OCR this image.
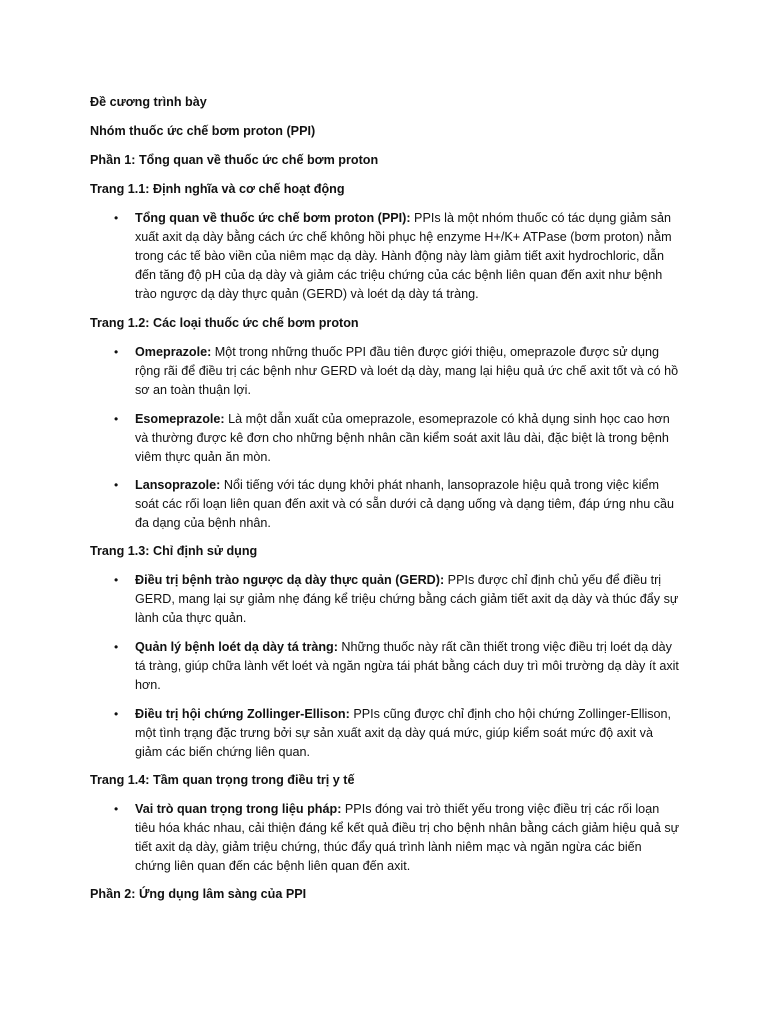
Đề cương trình bày
Nhóm thuốc ức chế bơm proton (PPI)
Phần 1: Tổng quan về thuốc ức chế bơm proton
Trang 1.1: Định nghĩa và cơ chế hoạt động
• Tổng quan về thuốc ức chế bơm proton (PPI): PPIs là một nhóm thuốc có tác dụng giảm sản xuất axit dạ dày bằng cách ức chế không hồi phục hệ enzyme H+/K+ ATPase (bơm proton) nằm trong các tế bào viền của niêm mạc dạ dày. Hành động này làm giảm tiết axit hydrochloric, dẫn đến tăng độ pH của dạ dày và giảm các triệu chứng của các bệnh liên quan đến axit như bệnh trào ngược dạ dày thực quản (GERD) và loét dạ dày tá tràng.
Trang 1.2: Các loại thuốc ức chế bơm proton
• Omeprazole: Một trong những thuốc PPI đầu tiên được giới thiệu, omeprazole được sử dụng rộng rãi để điều trị các bệnh như GERD và loét dạ dày, mang lại hiệu quả ức chế axit tốt và có hồ sơ an toàn thuận lợi.
• Esomeprazole: Là một dẫn xuất của omeprazole, esomeprazole có khả dụng sinh học cao hơn và thường được kê đơn cho những bệnh nhân cần kiểm soát axit lâu dài, đặc biệt là trong bệnh viêm thực quản ăn mòn.
• Lansoprazole: Nổi tiếng với tác dụng khởi phát nhanh, lansoprazole hiệu quả trong việc kiểm soát các rối loạn liên quan đến axit và có sẵn dưới cả dạng uống và dạng tiêm, đáp ứng nhu cầu đa dạng của bệnh nhân.
Trang 1.3: Chỉ định sử dụng
• Điều trị bệnh trào ngược dạ dày thực quản (GERD): PPIs được chỉ định chủ yếu để điều trị GERD, mang lại sự giảm nhẹ đáng kể triệu chứng bằng cách giảm tiết axit dạ dày và thúc đẩy sự lành của thực quản.
• Quản lý bệnh loét dạ dày tá tràng: Những thuốc này rất cần thiết trong việc điều trị loét dạ dày tá tràng, giúp chữa lành vết loét và ngăn ngừa tái phát bằng cách duy trì môi trường dạ dày ít axit hơn.
• Điều trị hội chứng Zollinger-Ellison: PPIs cũng được chỉ định cho hội chứng Zollinger-Ellison, một tình trạng đặc trưng bởi sự sản xuất axit dạ dày quá mức, giúp kiểm soát mức độ axit và giảm các biến chứng liên quan.
Trang 1.4: Tầm quan trọng trong điều trị y tế
• Vai trò quan trọng trong liệu pháp: PPIs đóng vai trò thiết yếu trong việc điều trị các rối loạn tiêu hóa khác nhau, cải thiện đáng kể kết quả điều trị cho bệnh nhân bằng cách giảm hiệu quả sự tiết axit dạ dày, giảm triệu chứng, thúc đẩy quá trình lành niêm mạc và ngăn ngừa các biến chứng liên quan đến các bệnh liên quan đến axit.
Phần 2: Ứng dụng lâm sàng của PPI
